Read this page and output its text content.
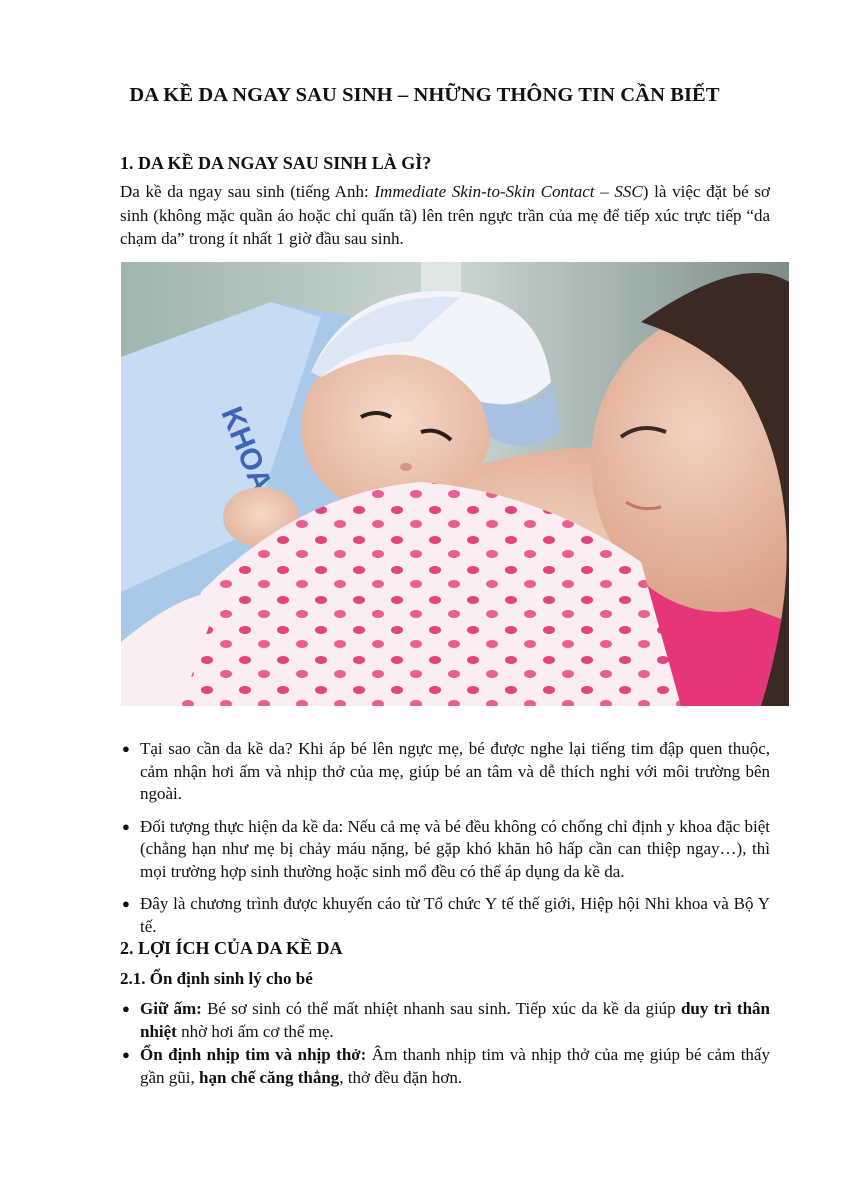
DA KỀ DA NGAY SAU SINH – NHỮNG THÔNG TIN CẦN BIẾT
1. DA KỀ DA NGAY SAU SINH LÀ GÌ?
Da kề da ngay sau sinh (tiếng Anh: Immediate Skin-to-Skin Contact – SSC) là việc đặt bé sơ sinh (không mặc quần áo hoặc chỉ quấn tã) lên trên ngực trần của mẹ để tiếp xúc trực tiếp “da chạm da” trong ít nhất 1 giờ đầu sau sinh.
KHOA
● Tại sao cần da kề da? Khi áp bé lên ngực mẹ, bé được nghe lại tiếng tim đập quen thuộc, cảm nhận hơi ấm và nhịp thở của mẹ, giúp bé an tâm và dễ thích nghi với môi trường bên ngoài.
● Đối tượng thực hiện da kề da: Nếu cả mẹ và bé đều không có chống chỉ định y khoa đặc biệt (chẳng hạn như mẹ bị chảy máu nặng, bé gặp khó khăn hô hấp cần can thiệp ngay…), thì mọi trường hợp sinh thường hoặc sinh mổ đều có thể áp dụng da kề da.
● Đây là chương trình được khuyến cáo từ Tổ chức Y tế thế giới, Hiệp hội Nhi khoa và Bộ Y tế.
2. LỢI ÍCH CỦA DA KỀ DA
2.1. Ổn định sinh lý cho bé
● Giữ ấm: Bé sơ sinh có thể mất nhiệt nhanh sau sinh. Tiếp xúc da kề da giúp duy trì thân nhiệt nhờ hơi ấm cơ thể mẹ.
● Ổn định nhịp tim và nhịp thở: Âm thanh nhịp tim và nhịp thở của mẹ giúp bé cảm thấy gần gũi, hạn chế căng thẳng, thở đều đặn hơn.
